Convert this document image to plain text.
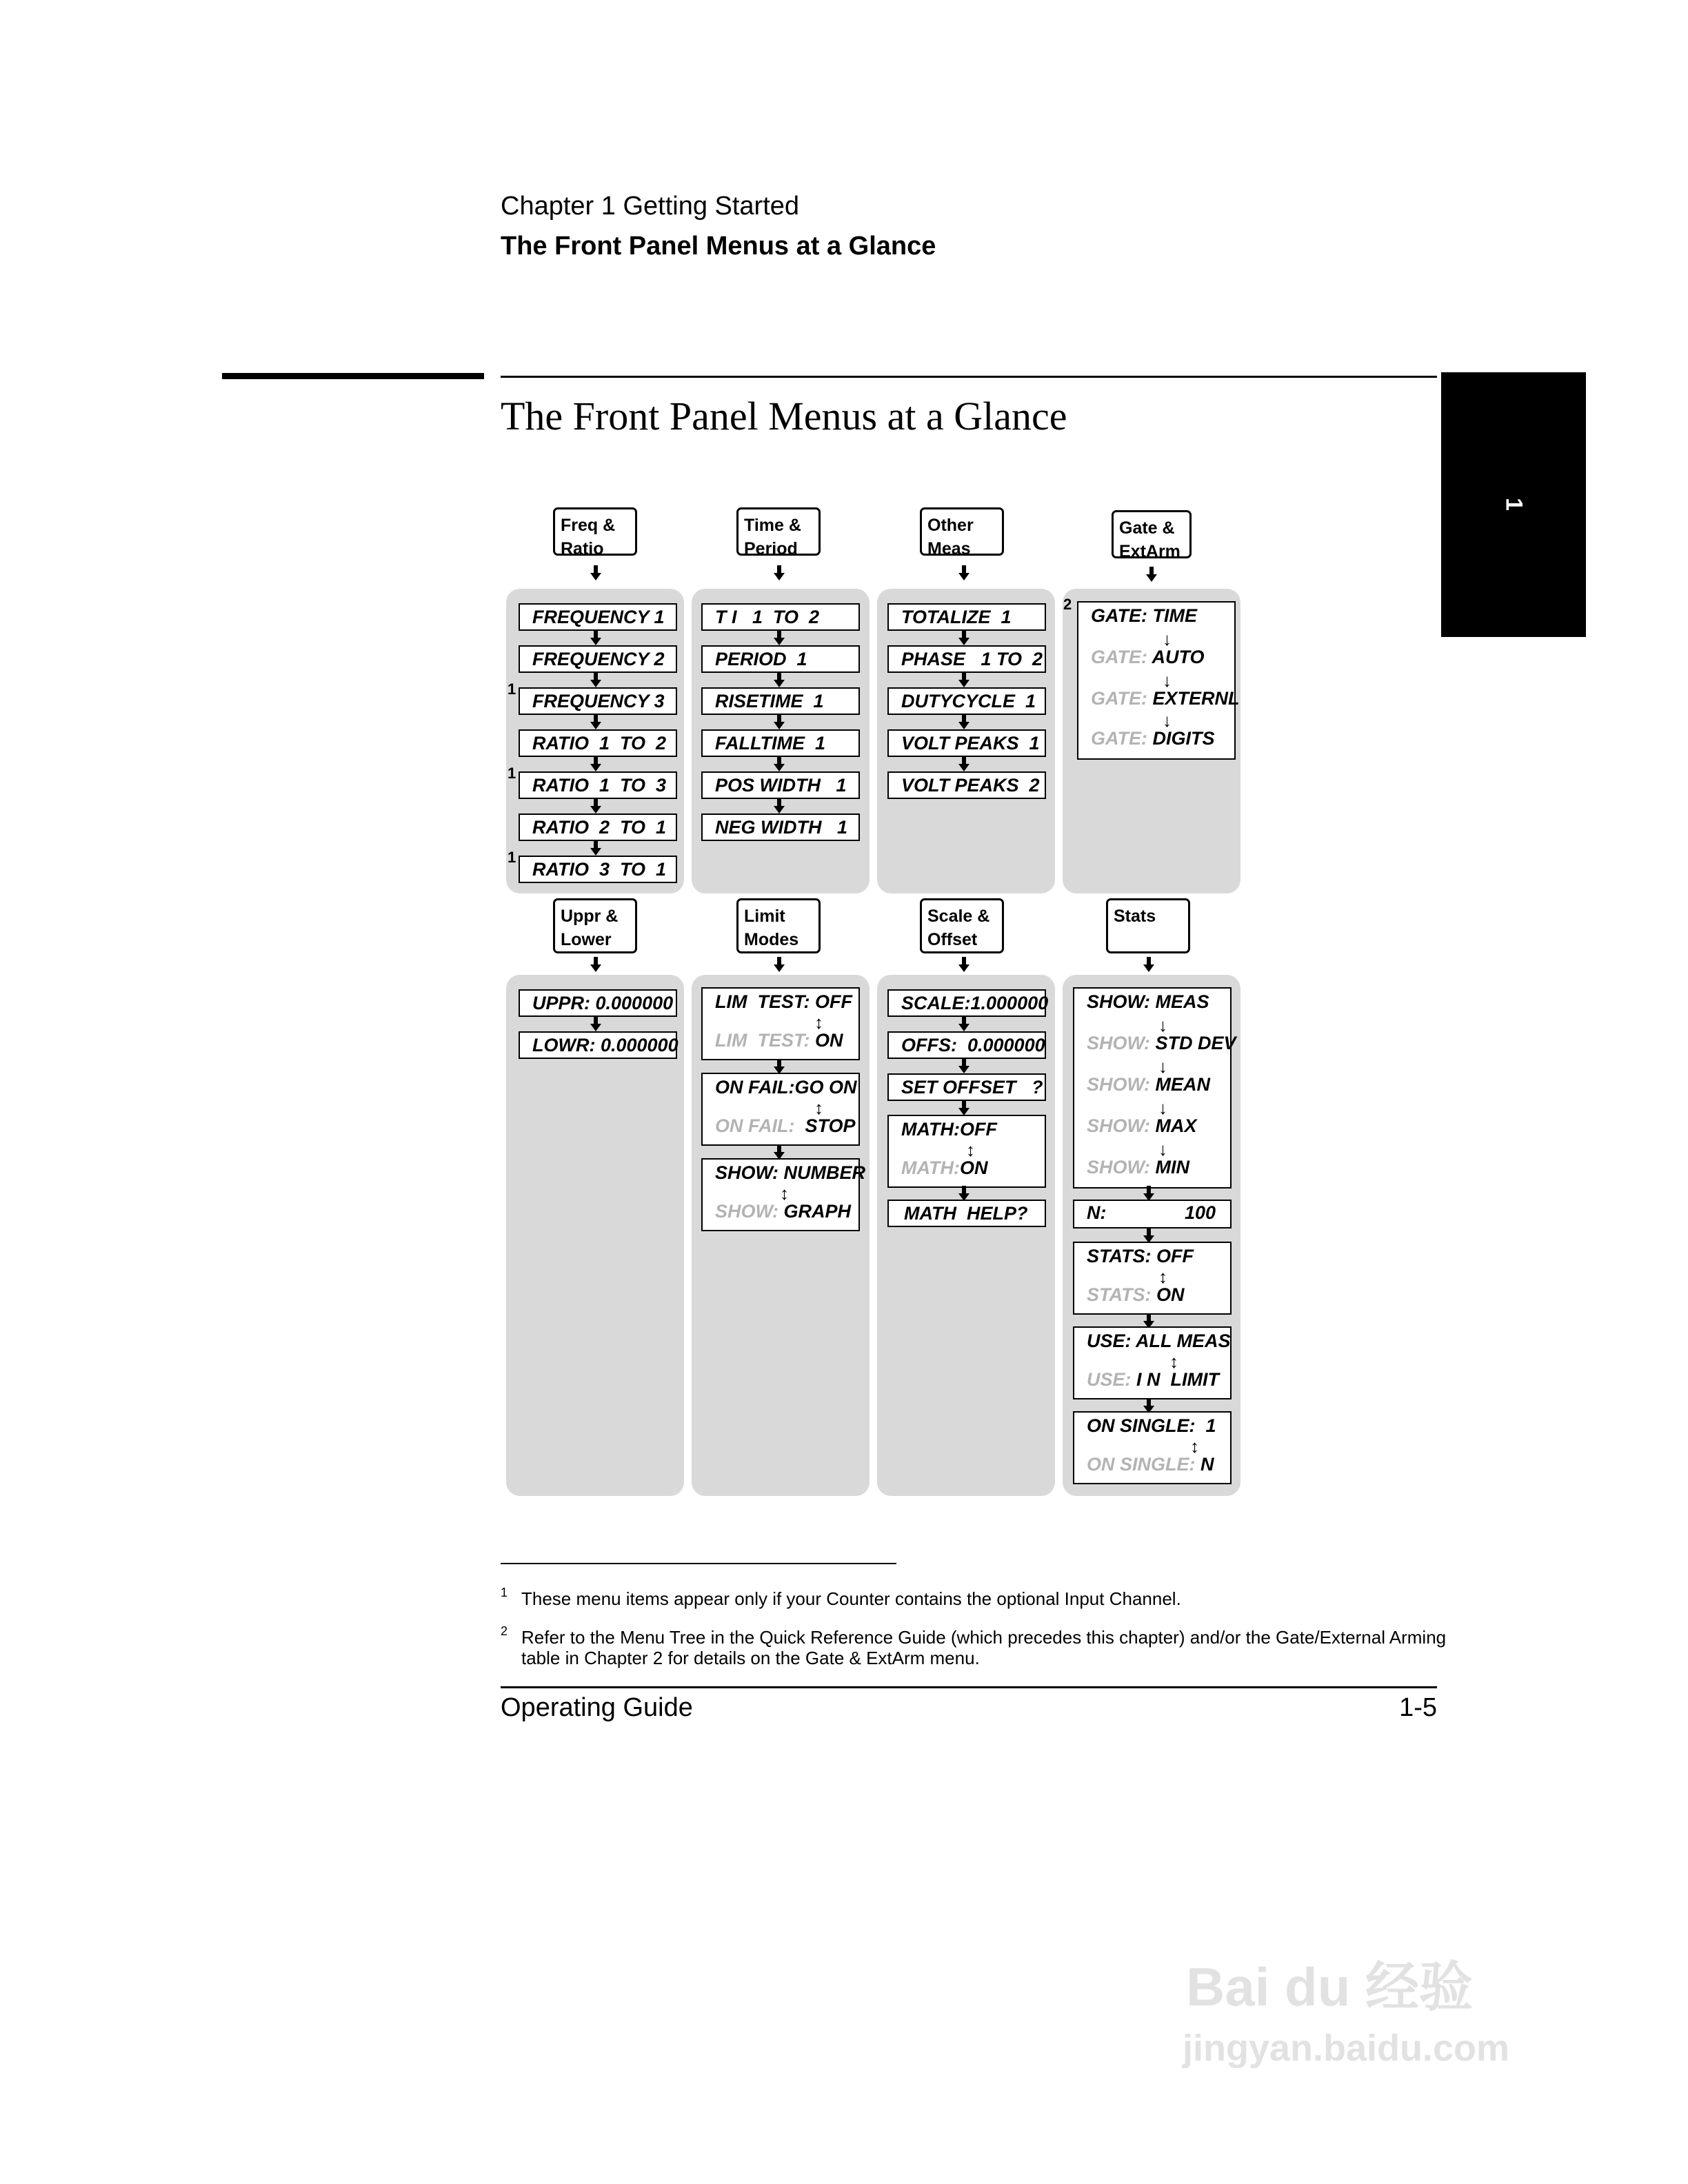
Chapter 1 Getting Started
The Front Panel Menus at a Glance
The Front Panel Menus at a Glance
1
Freq &
Ratio
FREQUENCY 1
FREQUENCY 2
FREQUENCY 3
RATIO  1  TO  2
RATIO  1  TO  3
RATIO  2  TO  1
RATIO  3  TO  1
1
1
1
Time &
Period
T I   1  TO  2
PERIOD  1
RISETIME  1
FALLTIME  1
POS WIDTH   1
NEG WIDTH   1
Other
Meas
TOTALIZE  1
PHASE   1 TO  2
DUTYCYCLE  1
VOLT PEAKS  1
VOLT PEAKS  2
Gate &
ExtArm
2
GATE: TIME
↓
GATE: AUTO
↓
GATE: EXTERNL
↓
GATE: DIGITS
Uppr &
Lower
UPPR: 0.000000
LOWR: 0.000000
Limit
Modes
LIM  TEST: OFF
↕
LIM  TEST: ON
ON FAIL:GO ON
↕
ON FAIL: STOP
SHOW: NUMBER
↕
SHOW: GRAPH
Scale &
Offset
SCALE:1.000000
OFFS:  0.000000
SET OFFSET   ?
MATH:OFF
↕
MATH:ON
MATH  HELP?
Stats
SHOW: MEAS
↓
SHOW: STD DEV
↓
SHOW: MEAN
↓
SHOW: MAX
↓
SHOW: MIN
N:	100
STATS: OFF
↕
STATS: ON
USE: ALL MEAS
↕
USE: I N  LIMIT
ON SINGLE: 1
↕
ON SINGLE: N
$^1$ These menu items appear only if your Counter contains the optional Input Channel.
$^2$ Refer to the Menu Tree in the Quick Reference Guide (which precedes this chapter) and/or the Gate/External Arming table in Chapter 2 for details on the Gate & ExtArm menu.
Operating Guide	1-5
Bai du 经验
jingyan.baidu.com
